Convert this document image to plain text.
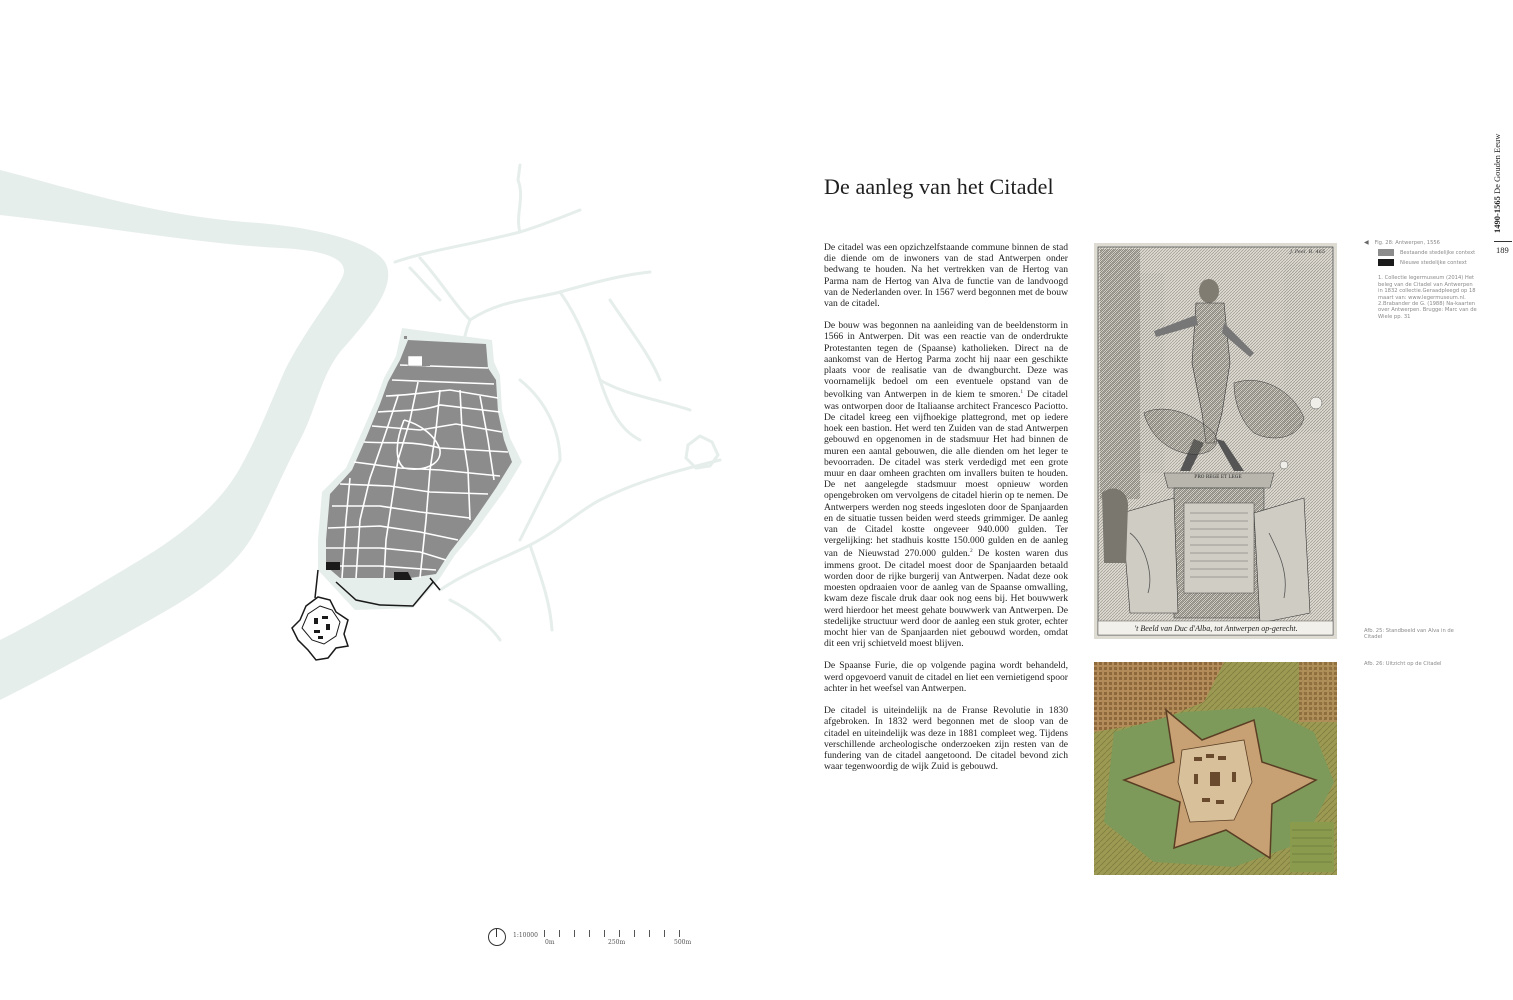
1:10000
0m	250m	500m
De aanleg van het Citadel

De citadel was een opzichzelfstaande commune binnen de stad die diende om de inwoners van de stad Antwerpen onder bedwang te houden. Na het vertrekken van de Hertog van Parma nam de Hertog van Alva de functie van de landvoogd van de Nederlanden over. In 1567 werd begonnen met de bouw van de citadel.

De bouw was begonnen na aanleiding van de beeldenstorm in 1566 in Antwerpen. Dit was een reactie van de onderdrukte Protestanten tegen de (Spaanse) katholieken. Direct na de aankomst van de Hertog Parma zocht hij naar een geschikte plaats voor de realisatie van de dwangburcht. Deze was voornamelijk bedoel om een eventuele opstand van de bevolking van Antwerpen in de kiem te smoren.$^1$ De citadel was ontworpen door de Italiaanse architect Francesco Paciotto. De citadel kreeg een vijfhoekige plattegrond, met op iedere hoek een bastion. Het werd ten Zuiden van de stad Antwerpen gebouwd en opgenomen in de stadsmuur Het had binnen de muren een aantal gebouwen, die alle dienden om het leger te bevoorraden. De citadel was sterk verdedigd met een grote muur en daar omheen grachten om invallers buiten te houden. De net aangelegde stadsmuur moest opnieuw worden opengebroken om vervolgens de citadel hierin op te nemen. De Antwerpers werden nog steeds ingesloten door de Spanjaarden en de situatie tussen beiden werd steeds grimmiger. De aanleg van de Citadel kostte ongeveer 940.000 gulden. Ter vergelijking: het stadhuis kostte 150.000 gulden en de aanleg van de Nieuwstad 270.000 gulden.$^2$ De kosten waren dus immens groot. De citadel moest door de Spanjaarden betaald worden door de rijke burgerij van Antwerpen. Nadat deze ook moesten opdraaien voor de aanleg van de Spaanse omwalling, kwam deze fiscale druk daar ook nog eens bij. Het bouwwerk werd hierdoor het meest gehate bouwwerk van Antwerpen. De stedelijke structuur werd door de aanleg een stuk groter, echter mocht hier van de Spanjaarden niet gebouwd worden, omdat dit een vrij schietveld moest blijven.

De Spaanse Furie, die op volgende pagina wordt behandeld, werd opgevoerd vanuit de citadel en liet een vernietigend spoor achter in het weefsel van Antwerpen.

De citadel is uiteindelijk na de Franse Revolutie in 1830 afgebroken. In 1832 werd begonnen met de sloop van de citadel en uiteindelijk was deze in 1881 compleet weg. Tijdens verschillende archeologische onderzoeken zijn resten van de fundering van de citadel aangetoond. De citadel bevond zich waar tegenwoordig de wijk Zuid is gebouwd.

J. Peel. B. 465
PRO REGE ET LEGE
't Beeld van Duc d'Alba, tot Antwerpen op-gerecht.
◀ Fig. 28: Antwerpen, 1556
Bestaande stedelijke context
Nieuwe stedelijke context
1. Collectie legermuseum (2014) Het beleg van de Citadel van Antwerpen in 1832 collectie.Geraadpleegd op 18 maart van: www.legermuseum.nl. 2.Brabander de G. (1988) Na-kaarten over Antwerpen. Brugge: Marc van de Wiele pp. 31
Afb. 25: Standbeeld van Alva in de Citadel
Afb. 26: Uitzicht op de Citadel
1490-1565 De Gouden Eeuw
189
